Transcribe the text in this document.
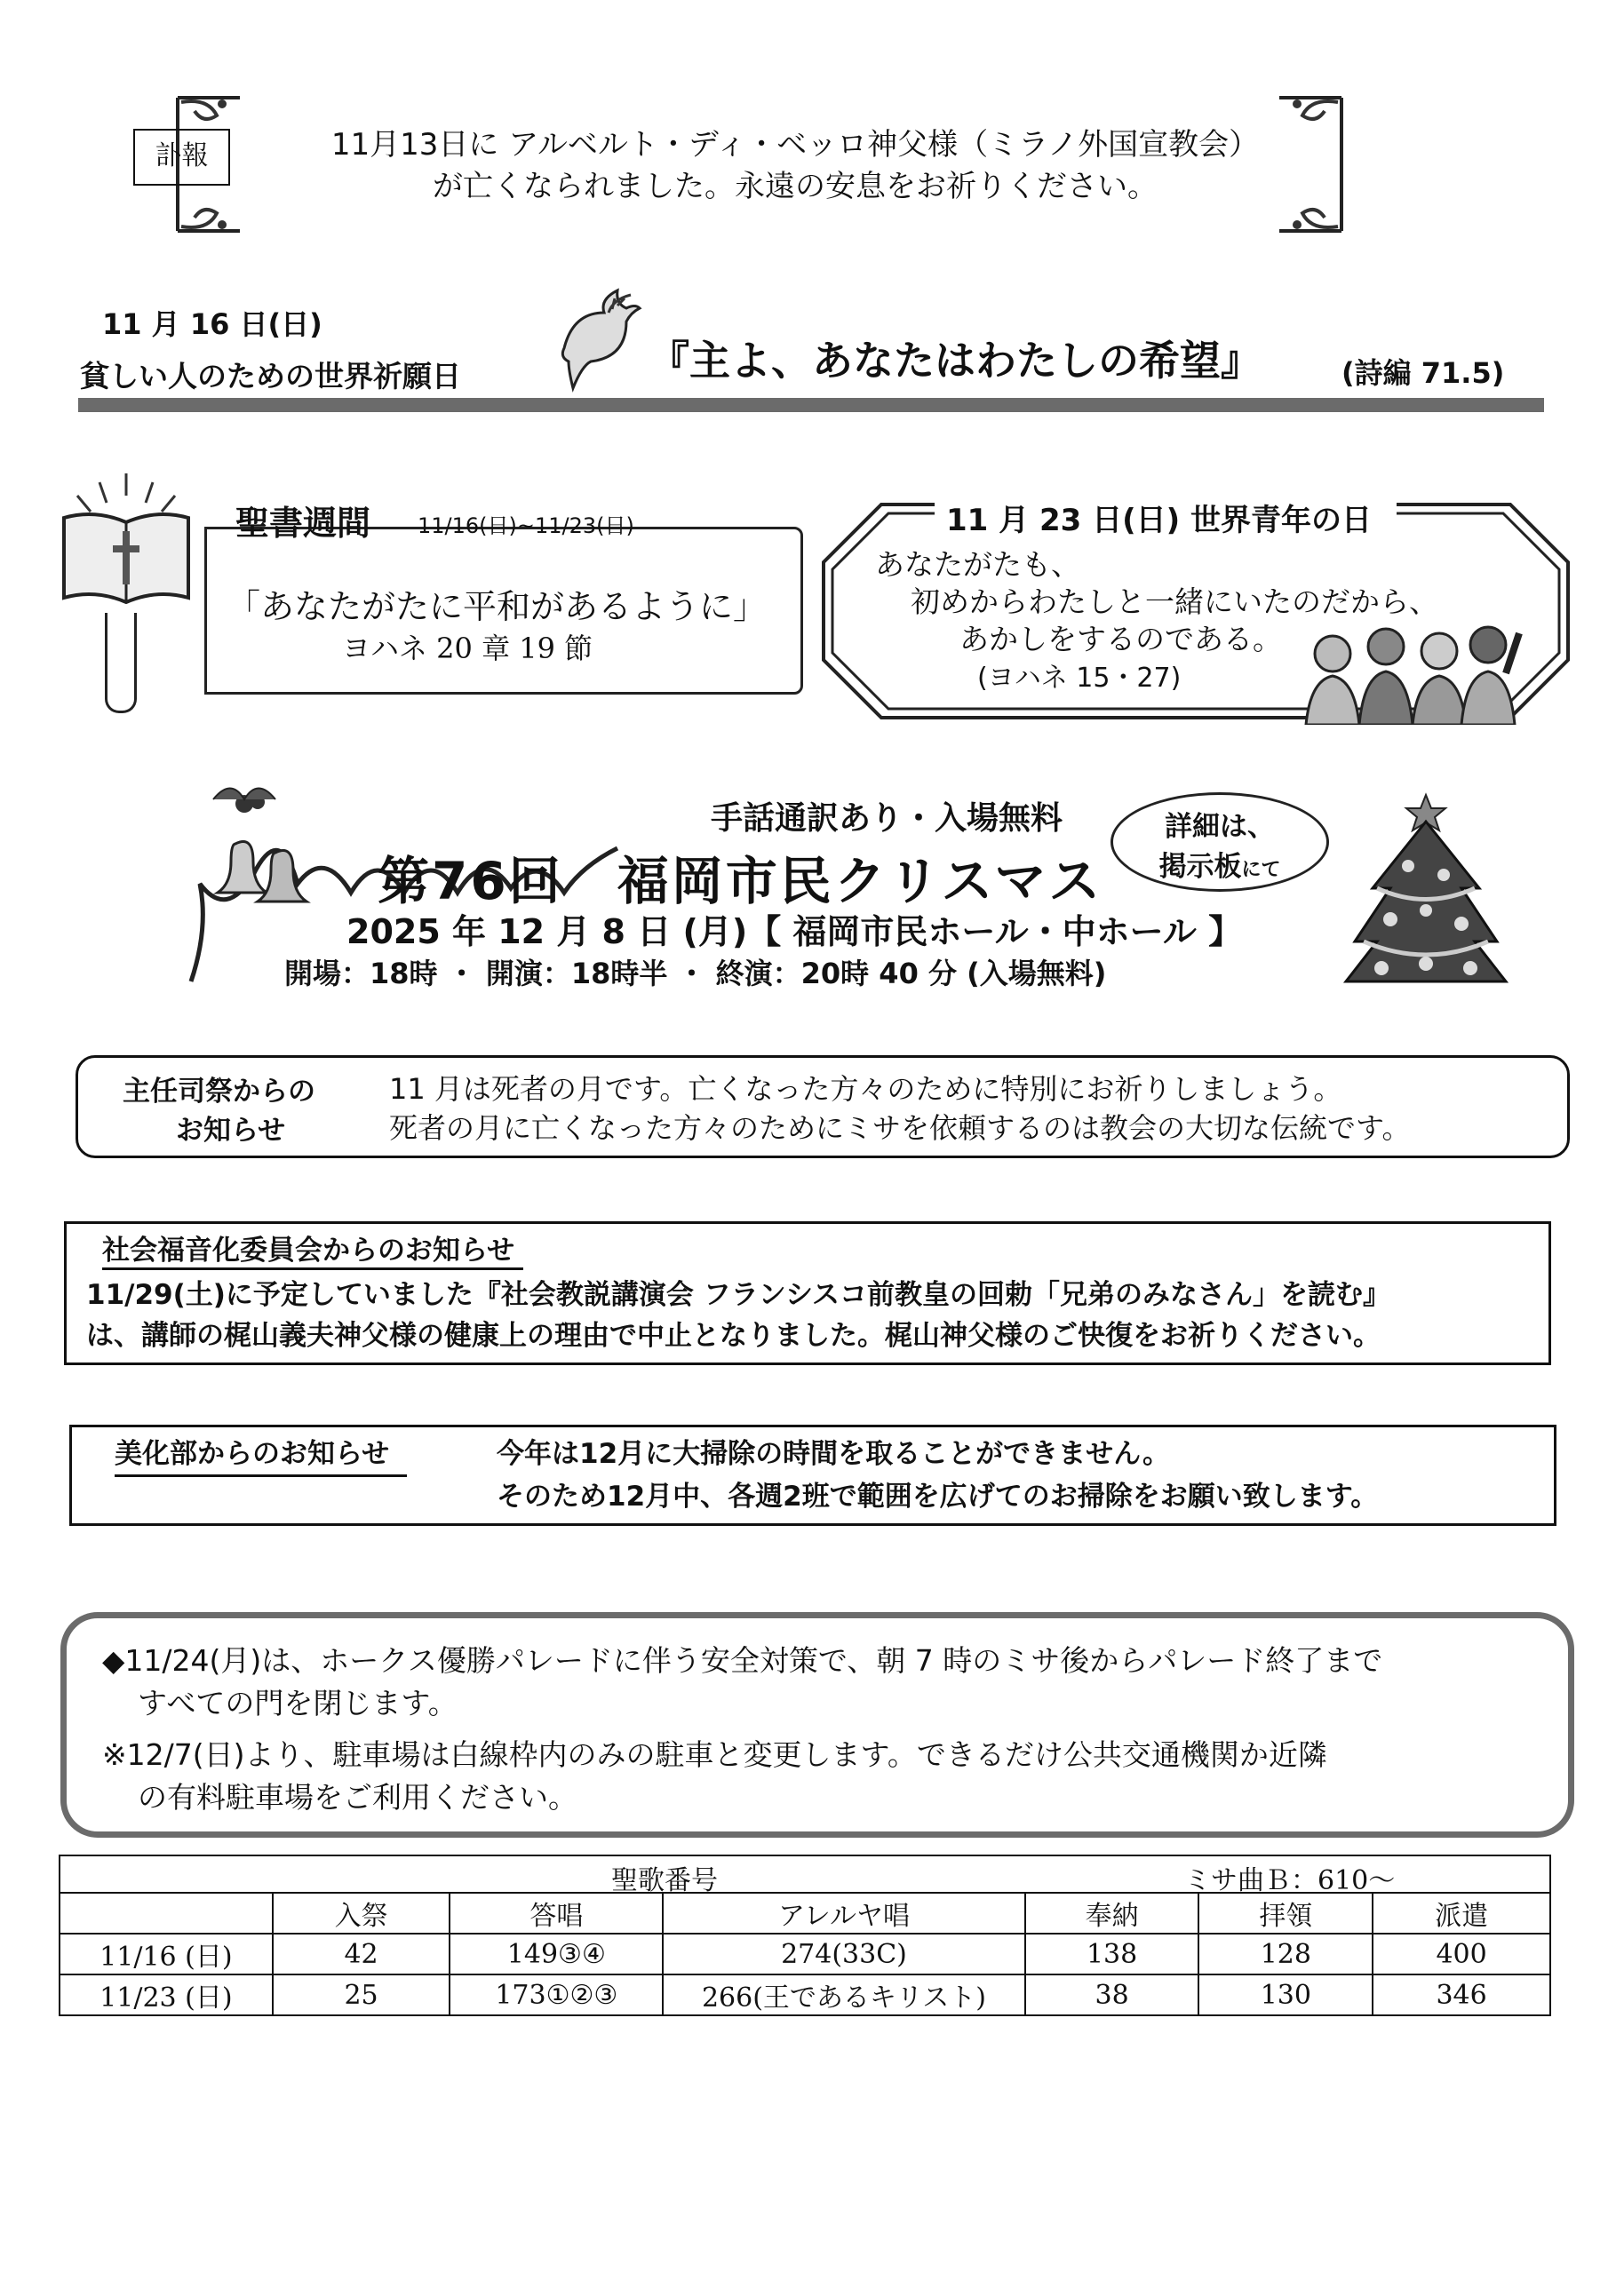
訃報	11月13日に アルベルト・ディ・ベッロ神父様（ミラノ外国宣教会）
が亡くなられました。永遠の安息をお祈りください。
11 月 16 日(日)
貧しい人のための世界祈願日	『主よ、あなたはわたしの希望』	(詩編 71.5)
聖書週間 11/16(日)~11/23(日)
「あなたがたに平和があるように」
ヨハネ 20 章 19 節
11 月 23 日(日) 世界青年の日
あなたがたも、
初めからわたしと一緒にいたのだから、
あかしをするのである。
(ヨハネ 15・27)
手話通訳あり・入場無料
第76回　福岡市民クリスマス
詳細は、
掲示板にて
2025 年 12 月 8 日 (月)【 福岡市民ホール・中ホール 】
開場：18時 ・ 開演：18時半 ・ 終演：20時 40 分 (入場無料)
主任司祭からの
お知らせ
11 月は死者の月です。亡くなった方々のために特別にお祈りしましょう。
死者の月に亡くなった方々のためにミサを依頼するのは教会の大切な伝統です。
社会福音化委員会からのお知らせ
11/29(土)に予定していました『社会教説講演会 フランシスコ前教皇の回勅「兄弟のみなさん」を読む』
は、講師の梶山義夫神父様の健康上の理由で中止となりました。梶山神父様のご快復をお祈りください。
美化部からのお知らせ	今年は12月に大掃除の時間を取ることができません。
そのため12月中、各週2班で範囲を広げてのお掃除をお願い致します。
◆11/24(月)は、ホークス優勝パレードに伴う安全対策で、朝 7 時のミサ後からパレード終了まで
すべての門を閉じます。
※12/7(日)より、駐車場は白線枠内のみの駐車と変更します。できるだけ公共交通機関か近隣
の有料駐車場をご利用ください。
聖歌番号 ミサ曲Ｂ：610～						

	入祭	答唱	アレルヤ唱	奉納	拝領	派遣
11/16 (日)	42	149③④	274(33C)	138	128	400
11/23 (日)	25	173①②③	266(王であるキリスト)	38	130	346
